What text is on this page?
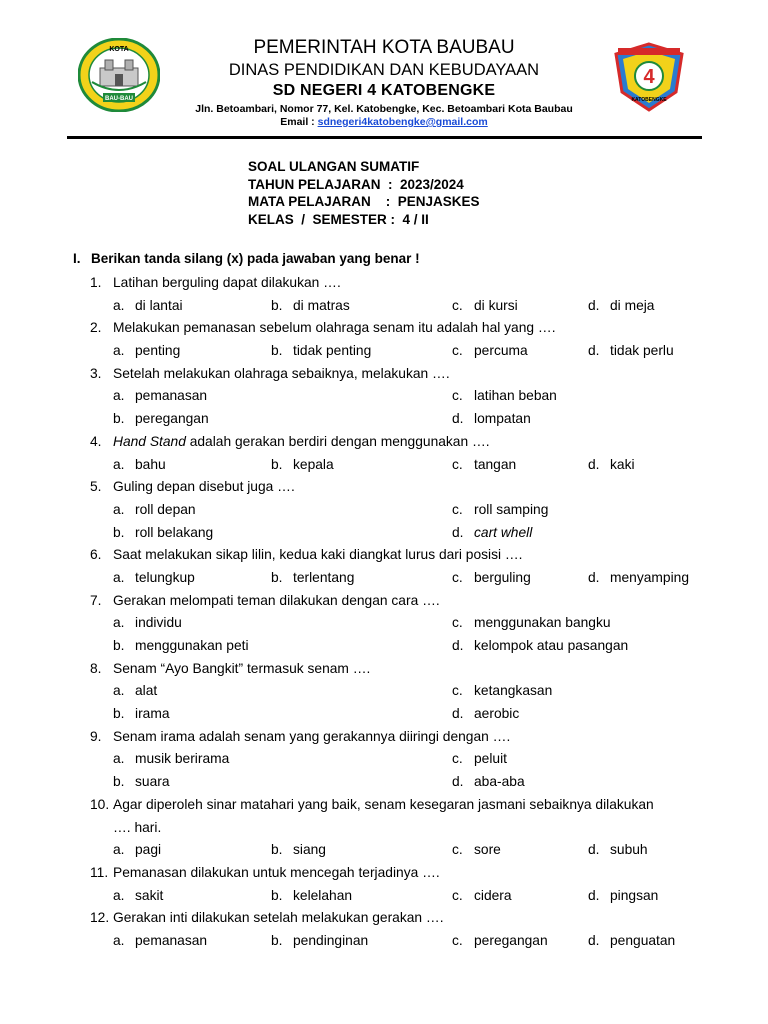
KOTA
BAU-BAU
PEMERINTAH KOTA BAUBAU
DINAS PENDIDIKAN DAN KEBUDAYAAN
SD NEGERI 4 KATOBENGKE
Jln. Betoambari, Nomor 77, Kel. Katobengke, Kec. Betoambari Kota Baubau
Email : sdnegeri4katobengke@gmail.com
4
KATOBENGKE
SOAL ULANGAN SUMATIF
TAHUN PELAJARAN  :  2023/2024
MATA PELAJARAN    :  PENJASKES
KELAS  /  SEMESTER :  4 / II
I. Berikan tanda silang (x) pada jawaban yang benar !
1. Latihan berguling dapat dilakukan ….
a. di lantai	b. di matras	c. di kursi	d. di meja
2. Melakukan pemanasan sebelum olahraga senam itu adalah hal yang ….
a. penting	b. tidak penting	c. percuma	d. tidak perlu
3. Setelah melakukan olahraga sebaiknya, melakukan ….
a. pemanasan	c. latihan beban
b. peregangan	d. lompatan
4. Hand Stand adalah gerakan berdiri dengan menggunakan ….
a. bahu	b. kepala	c. tangan	d. kaki
5. Guling depan disebut juga ….
a. roll depan	c. roll samping
b. roll belakang	d. cart whell
6. Saat melakukan sikap lilin, kedua kaki diangkat lurus dari posisi ….
a. telungkup	b. terlentang	c. berguling	d. menyamping
7. Gerakan melompati teman dilakukan dengan cara ….
a. individu	c. menggunakan bangku
b. menggunakan peti	d. kelompok atau pasangan
8. Senam “Ayo Bangkit” termasuk senam ….
a. alat	c. ketangkasan
b. irama	d. aerobic
9. Senam irama adalah senam yang gerakannya diiringi dengan ….
a. musik berirama	c. peluit
b. suara	d. aba-aba
10. Agar diperoleh sinar matahari yang baik, senam kesegaran jasmani sebaiknya dilakukan
…. hari.
a. pagi	b. siang	c. sore	d. subuh
11. Pemanasan dilakukan untuk mencegah terjadinya ….
a. sakit	b. kelelahan	c. cidera	d. pingsan
12. Gerakan inti dilakukan setelah melakukan gerakan ….
a. pemanasan	b. pendinginan	c. peregangan	d. penguatan
